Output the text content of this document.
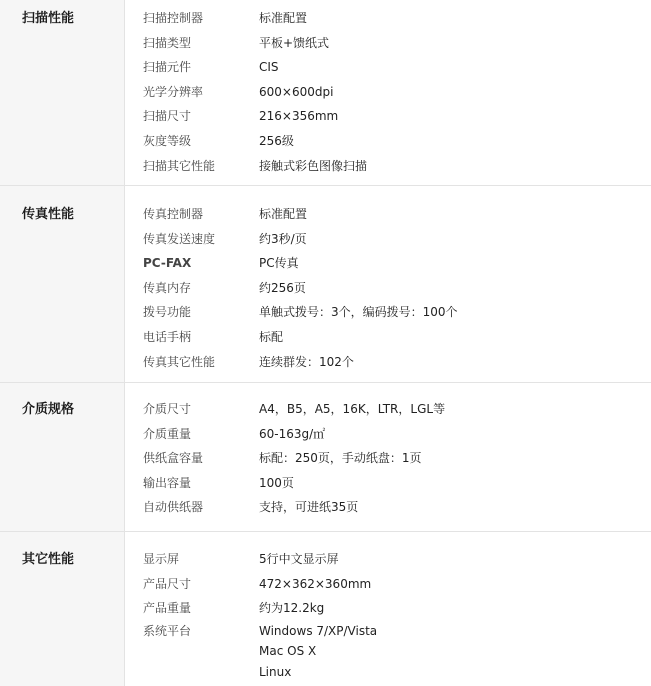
扫描性能	扫描控制器	标准配置
扫描类型	平板+馈纸式
扫描元件	CIS
光学分辨率	600×600dpi
扫描尺寸	216×356mm
灰度等级	256级
扫描其它性能	接触式彩色图像扫描
传真性能	传真控制器	标准配置
传真发送速度	约3秒/页
PC-FAX	PC传真
传真内存	约256页
拨号功能	单触式拨号：3个，编码拨号：100个
电话手柄	标配
传真其它性能	连续群发：102个
介质规格	介质尺寸	A4，B5，A5，16K，LTR，LGL等
介质重量	60-163g/㎡
供纸盒容量	标配：250页，手动纸盘：1页
输出容量	100页
自动供纸器	支持，可进纸35页
其它性能	显示屏	5行中文显示屏
产品尺寸	472×362×360mm
产品重量	约为12.2kg
系统平台	Windows 7/XP/Vista
Mac OS X
Linux
